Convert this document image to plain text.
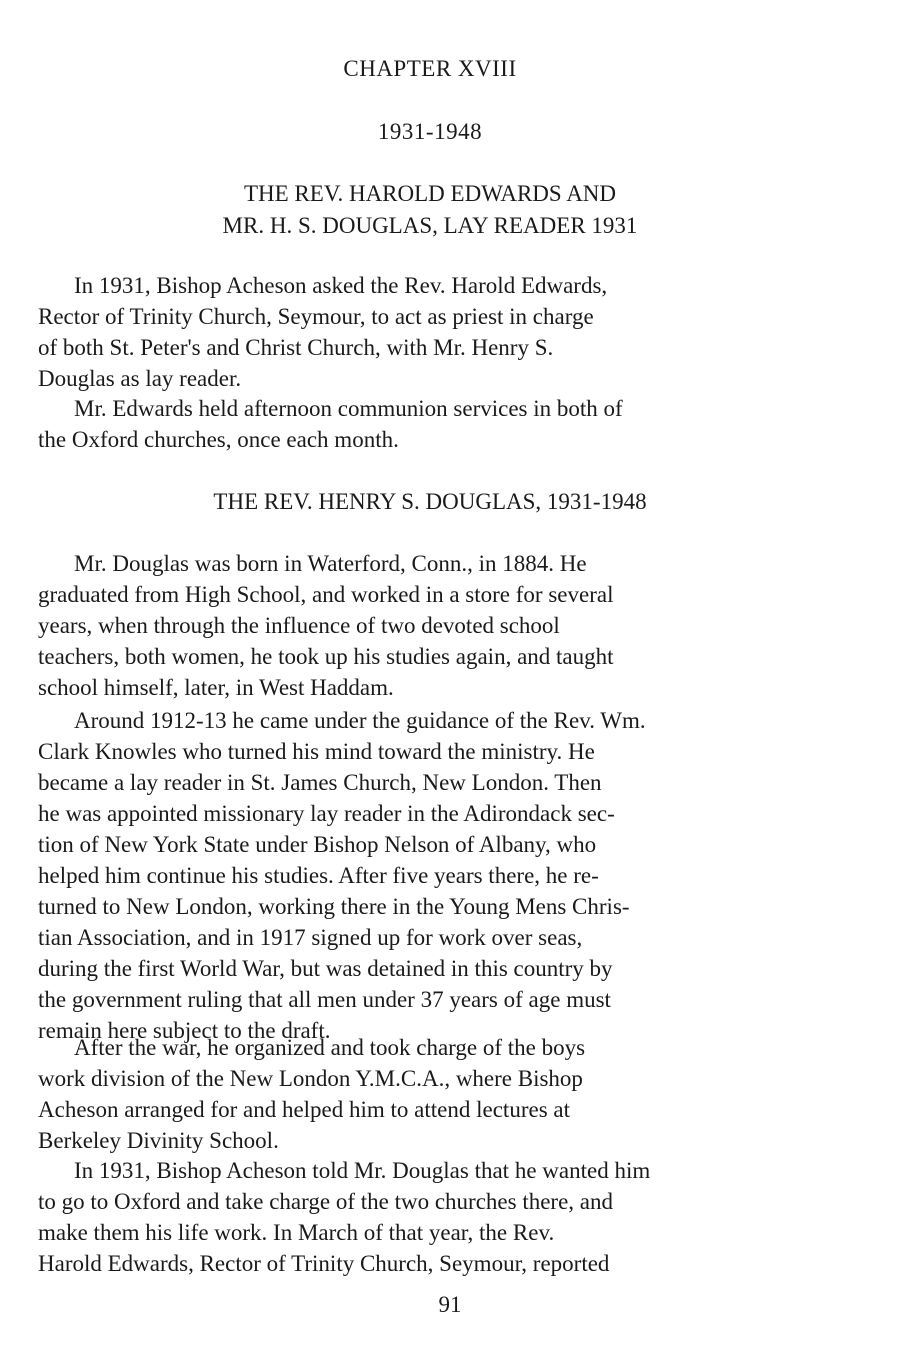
CHAPTER XVIII
1931-1948
THE REV. HAROLD EDWARDS AND
MR. H. S. DOUGLAS, LAY READER 1931
In 1931, Bishop Acheson asked the Rev. Harold Edwards,
Rector of Trinity Church, Seymour, to act as priest in charge
of both St. Peter's and Christ Church, with Mr. Henry S.
Douglas as lay reader.
Mr. Edwards held afternoon communion services in both of
the Oxford churches, once each month.
THE REV. HENRY S. DOUGLAS, 1931-1948
Mr. Douglas was born in Waterford, Conn., in 1884. He
graduated from High School, and worked in a store for several
years, when through the influence of two devoted school
teachers, both women, he took up his studies again, and taught
school himself, later, in West Haddam.
Around 1912-13 he came under the guidance of the Rev. Wm.
Clark Knowles who turned his mind toward the ministry. He
became a lay reader in St. James Church, New London. Then
he was appointed missionary lay reader in the Adirondack sec-
tion of New York State under Bishop Nelson of Albany, who
helped him continue his studies. After five years there, he re-
turned to New London, working there in the Young Mens Chris-
tian Association, and in 1917 signed up for work over seas,
during the first World War, but was detained in this country by
the government ruling that all men under 37 years of age must
remain here subject to the draft.
After the war, he organized and took charge of the boys
work division of the New London Y.M.C.A., where Bishop
Acheson arranged for and helped him to attend lectures at
Berkeley Divinity School.
In 1931, Bishop Acheson told Mr. Douglas that he wanted him
to go to Oxford and take charge of the two churches there, and
make them his life work. In March of that year, the Rev.
Harold Edwards, Rector of Trinity Church, Seymour, reported
91
